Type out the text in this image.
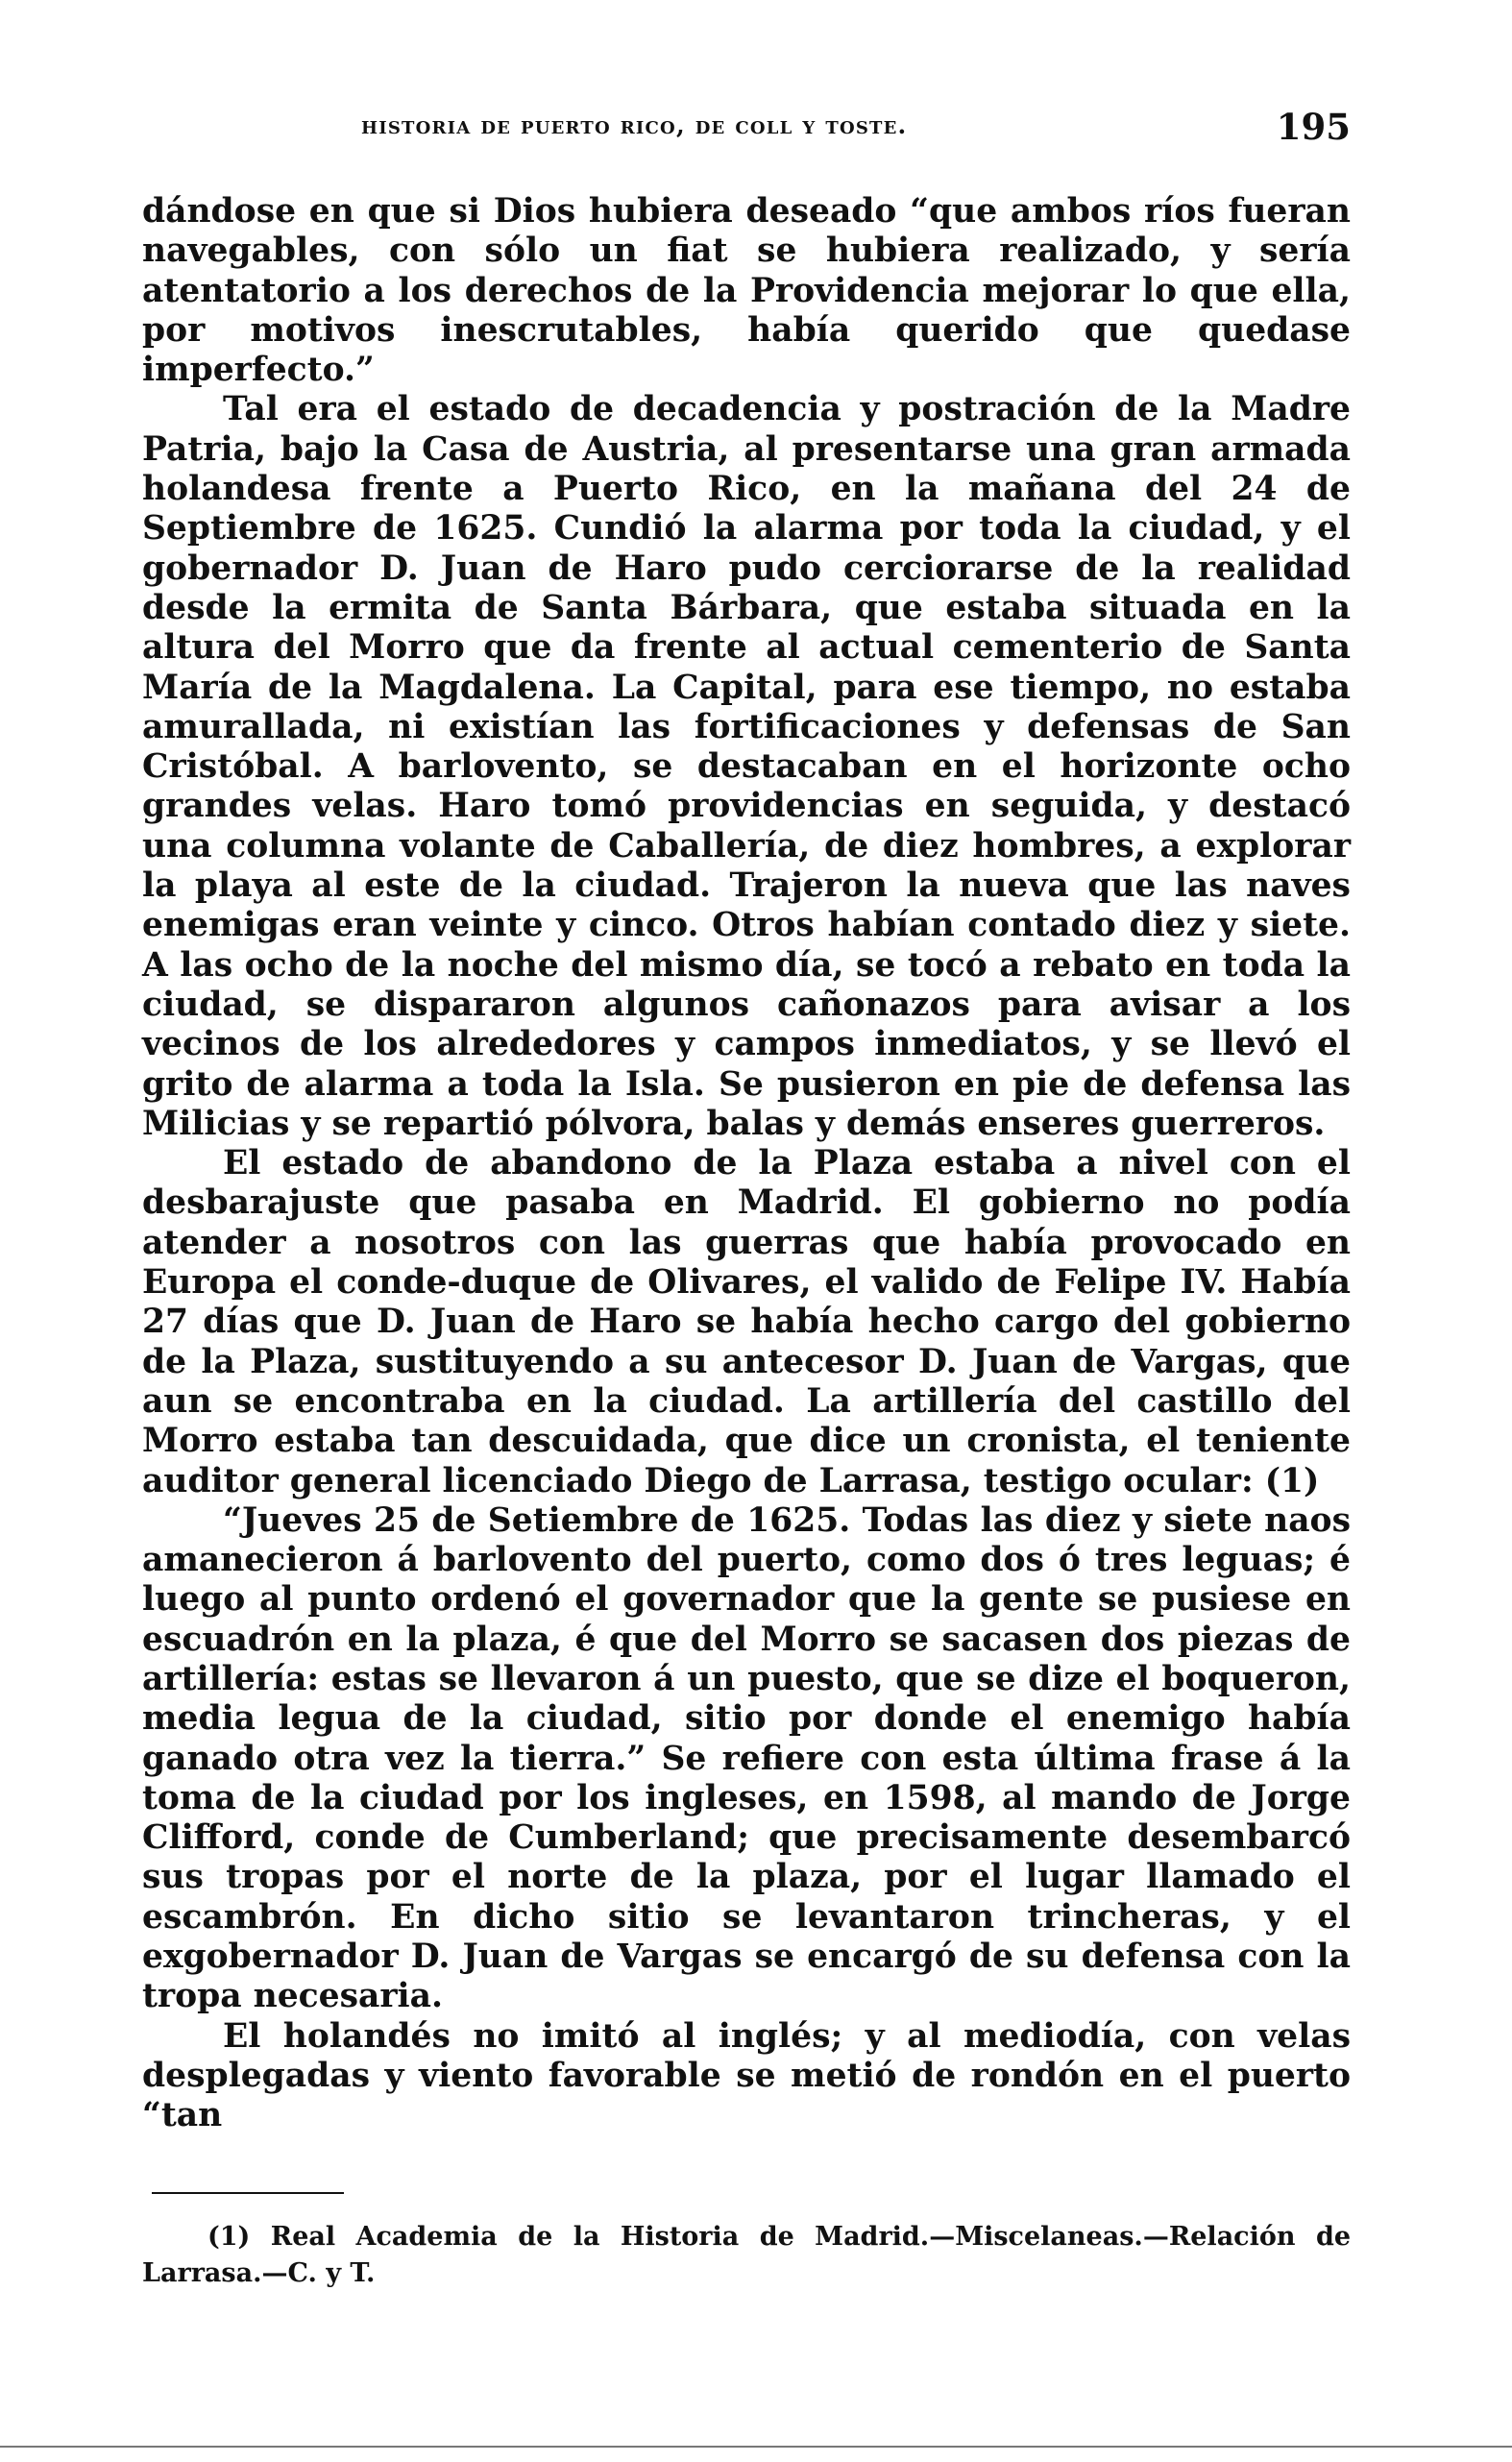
historia de puerto rico, de coll y toste.	195

dándose en que si Dios hubiera deseado “que ambos ríos fueran navegables, con sólo un fiat se hubiera realizado, y sería atentatorio a los derechos de la Providencia mejorar lo que ella, por motivos inescrutables, había querido que quedase imperfecto.”

Tal era el estado de decadencia y postración de la Madre Patria, bajo la Casa de Austria, al presentarse una gran armada holandesa frente a Puerto Rico, en la mañana del 24 de Septiembre de 1625. Cundió la alarma por toda la ciudad, y el gobernador D. Juan de Haro pudo cerciorarse de la realidad desde la ermita de Santa Bárbara, que estaba situada en la altura del Morro que da frente al actual cementerio de Santa María de la Magdalena. La Capital, para ese tiempo, no estaba amurallada, ni existían las fortificaciones y defensas de San Cristóbal. A barlovento, se destacaban en el horizonte ocho grandes velas. Haro tomó providencias en seguida, y destacó una columna volante de Caballería, de diez hombres, a explorar la playa al este de la ciudad. Trajeron la nueva que las naves enemigas eran veinte y cinco. Otros habían contado diez y siete. A las ocho de la noche del mismo día, se tocó a rebato en toda la ciudad, se dispararon algunos cañonazos para avisar a los vecinos de los alrededores y campos inmediatos, y se llevó el grito de alarma a toda la Isla. Se pusieron en pie de defensa las Milicias y se repartió pólvora, balas y demás enseres guerreros.

El estado de abandono de la Plaza estaba a nivel con el desbarajuste que pasaba en Madrid. El gobierno no podía atender a nosotros con las guerras que había provocado en Europa el conde-duque de Olivares, el valido de Felipe IV. Había 27 días que D. Juan de Haro se había hecho cargo del gobierno de la Plaza, sustituyendo a su antecesor D. Juan de Vargas, que aun se encontraba en la ciudad. La artillería del castillo del Morro estaba tan descuidada, que dice un cronista, el teniente auditor general licenciado Diego de Larrasa, testigo ocular: (1)

“Jueves 25 de Setiembre de 1625. Todas las diez y siete naos amanecieron á barlovento del puerto, como dos ó tres leguas; é luego al punto ordenó el governador que la gente se pusiese en escuadrón en la plaza, é que del Morro se sacasen dos piezas de artillería: estas se llevaron á un puesto, que se dize el boqueron, media legua de la ciudad, sitio por donde el enemigo había ganado otra vez la tierra.” Se refiere con esta última frase á la toma de la ciudad por los ingleses, en 1598, al mando de Jorge Clifford, conde de Cumberland; que precisamente desembarcó sus tropas por el norte de la plaza, por el lugar llamado el escambrón. En dicho sitio se levantaron trincheras, y el exgobernador D. Juan de Vargas se encargó de su defensa con la tropa necesaria.

El holandés no imitó al inglés; y al mediodía, con velas desplegadas y viento favorable se metió de rondón en el puerto “tan

(1) Real Academia de la Historia de Madrid.—Miscelaneas.—Relación de Larrasa.—C. y T.
